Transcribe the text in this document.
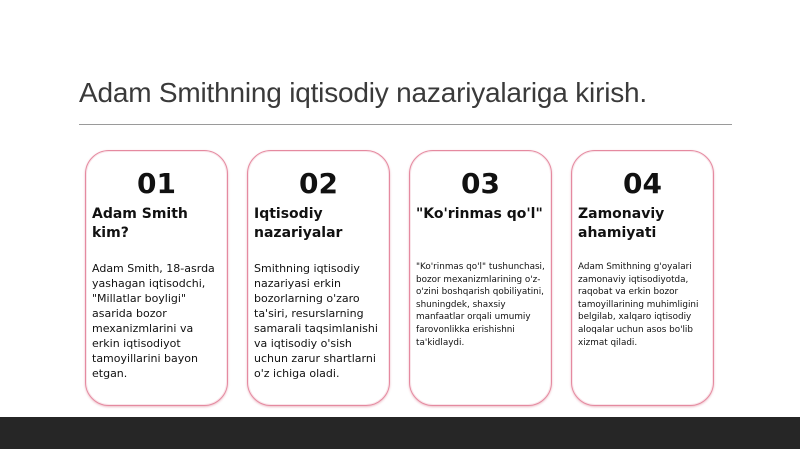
Adam Smithning iqtisodiy nazariyalariga kirish.
01
Adam Smith kim?
Adam Smith, 18-asrda yashagan iqtisodchi, "Millatlar boyligi" asarida bozor mexanizmlarini va erkin iqtisodiyot tamoyillarini bayon etgan.
02
Iqtisodiy nazariyalar
Smithning iqtisodiy nazariyasi erkin bozorlarning o'zaro ta'siri, resurslarning samarali taqsimlanishi va iqtisodiy o'sish uchun zarur shartlarni o'z ichiga oladi.
03
"Ko'rinmas qo'l"
"Ko'rinmas qo'l" tushunchasi, bozor mexanizmlarining o'z-o'zini boshqarish qobiliyatini, shuningdek, shaxsiy manfaatlar orqali umumiy farovonlikka erishishni ta'kidlaydi.
04
Zamonaviy ahamiyati
Adam Smithning g'oyalari zamonaviy iqtisodiyotda, raqobat va erkin bozor tamoyillarining muhimligini belgilab, xalqaro iqtisodiy aloqalar uchun asos bo'lib xizmat qiladi.
